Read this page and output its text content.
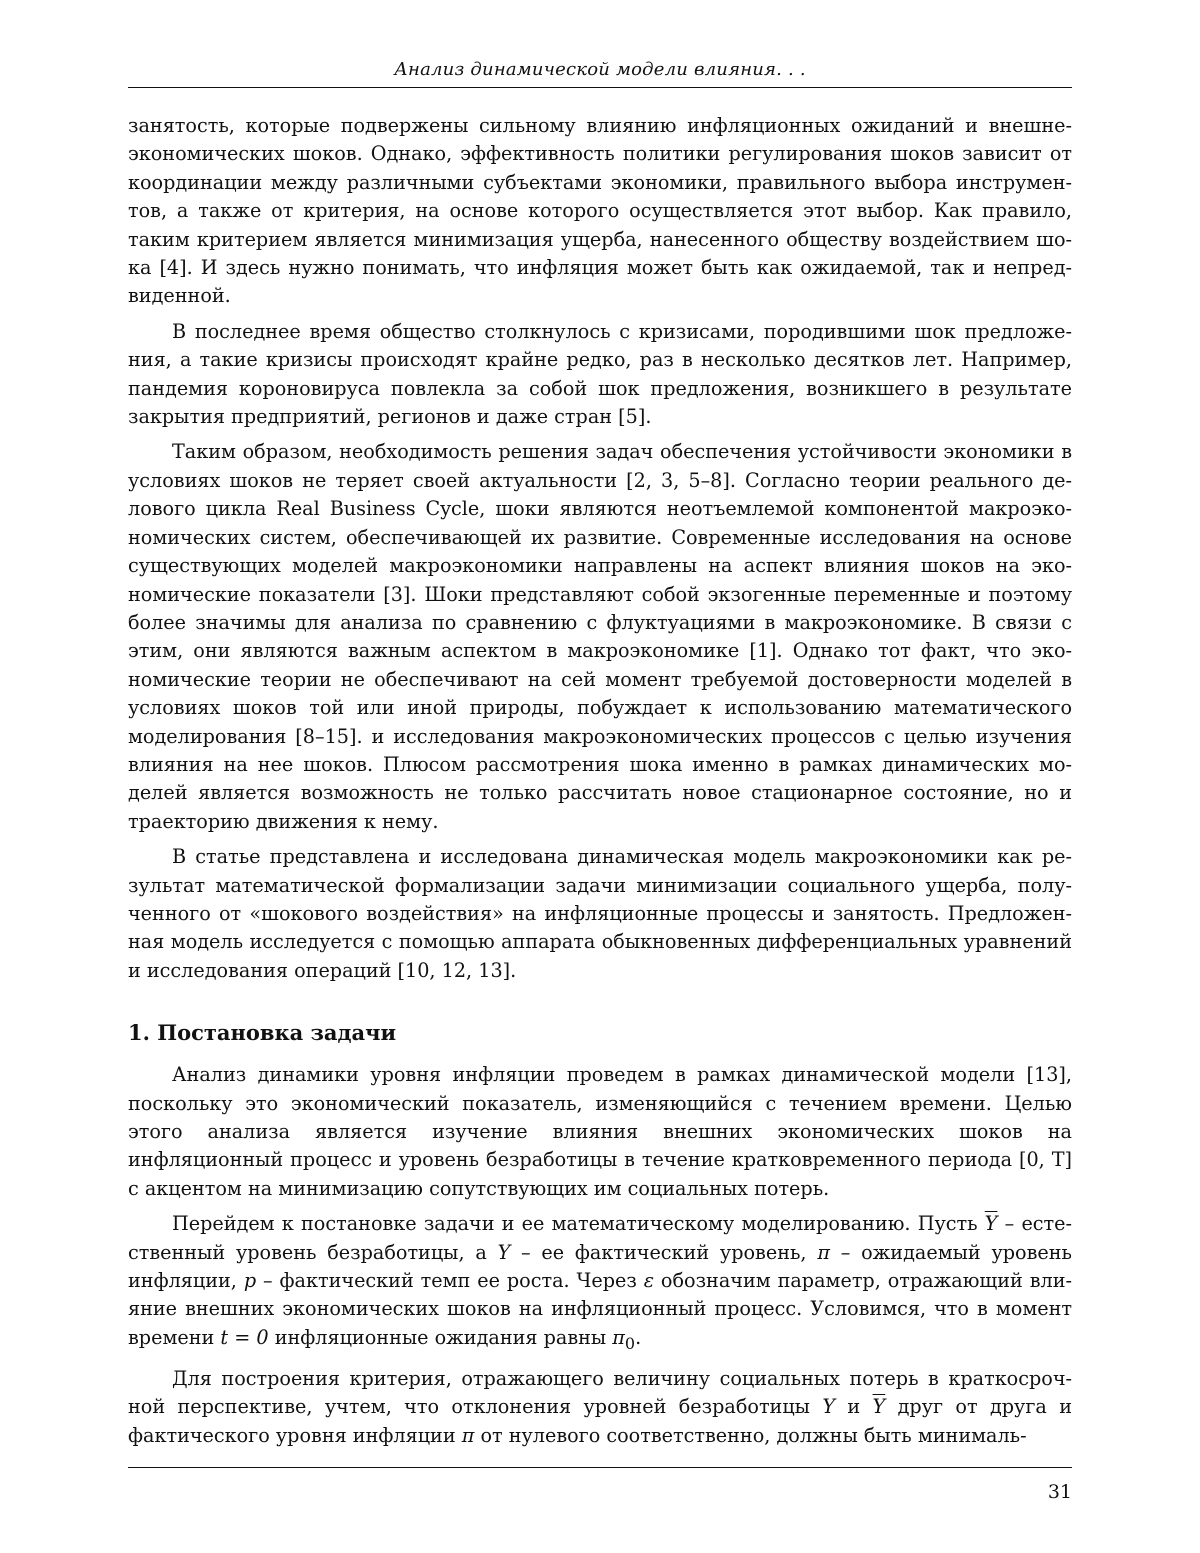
Анализ динамической модели влияния. . .

занятость, которые подвержены сильному влиянию инфляционных ожиданий и внешнеэкономических шоков. Однако, эффективность политики регулирования шоков зависит от координации между различными субъектами экономики, правильного выбора инструментов, а также от критерия, на основе которого осуществляется этот выбор. Как правило, таким критерием является минимизация ущерба, нанесенного обществу воздействием шока [4]. И здесь нужно понимать, что инфляция может быть как ожидаемой, так и непредвиденной.

В последнее время общество столкнулось с кризисами, породившими шок предложения, а такие кризисы происходят крайне редко, раз в несколько десятков лет. Например, пандемия короновируса повлекла за собой шок предложения, возникшего в результате закрытия предприятий, регионов и даже стран [5].

Таким образом, необходимость решения задач обеспечения устойчивости экономики в условиях шоков не теряет своей актуальности [2, 3, 5–8]. Согласно теории реального делового цикла Real Business Cycle, шоки являются неотъемлемой компонентой макроэкономических систем, обеспечивающей их развитие. Современные исследования на основе существующих моделей макроэкономики направлены на аспект влияния шоков на экономические показатели [3]. Шоки представляют собой экзогенные переменные и поэтому более значимы для анализа по сравнению с флуктуациями в макроэкономике. В связи с этим, они являются важным аспектом в макроэкономике [1]. Однако тот факт, что экономические теории не обеспечивают на сей момент требуемой достоверности моделей в условиях шоков той или иной природы, побуждает к использованию математического моделирования [8–15]. и исследования макроэкономических процессов с целью изучения влияния на нее шоков. Плюсом рассмотрения шока именно в рамках динамических моделей является возможность не только рассчитать новое стационарное состояние, но и траекторию движения к нему.

В статье представлена и исследована динамическая модель макроэкономики как результат математической формализации задачи минимизации социального ущерба, полученного от «шокового воздействия» на инфляционные процессы и занятость. Предложенная модель исследуется с помощью аппарата обыкновенных дифференциальных уравнений и исследования операций [10, 12, 13].

1. Постановка задачи

Анализ динамики уровня инфляции проведем в рамках динамической модели [13], поскольку это экономический показатель, изменяющийся с течением времени. Целью этого анализа является изучение влияния внешних экономических шоков на инфляционный процесс и уровень безработицы в течение кратковременного периода [0, T] с акцентом на минимизацию сопутствующих им социальных потерь.

Перейдем к постановке задачи и ее математическому моделированию. Пусть $\overline{Y}$ – естественный уровень безработицы, а Y – ее фактический уровень, π – ожидаемый уровень инфляции, p – фактический темп ее роста. Через ε обозначим параметр, отражающий влияние внешних экономических шоков на инфляционный процесс. Условимся, что в момент времени t = 0 инфляционные ожидания равны $\pi_0$.

Для построения критерия, отражающего величину социальных потерь в краткосрочной перспективе, учтем, что отклонения уровней безработицы Y и $\overline{Y}$ друг от друга и фактического уровня инфляции π от нулевого соответственно, должны быть минималь-

31
